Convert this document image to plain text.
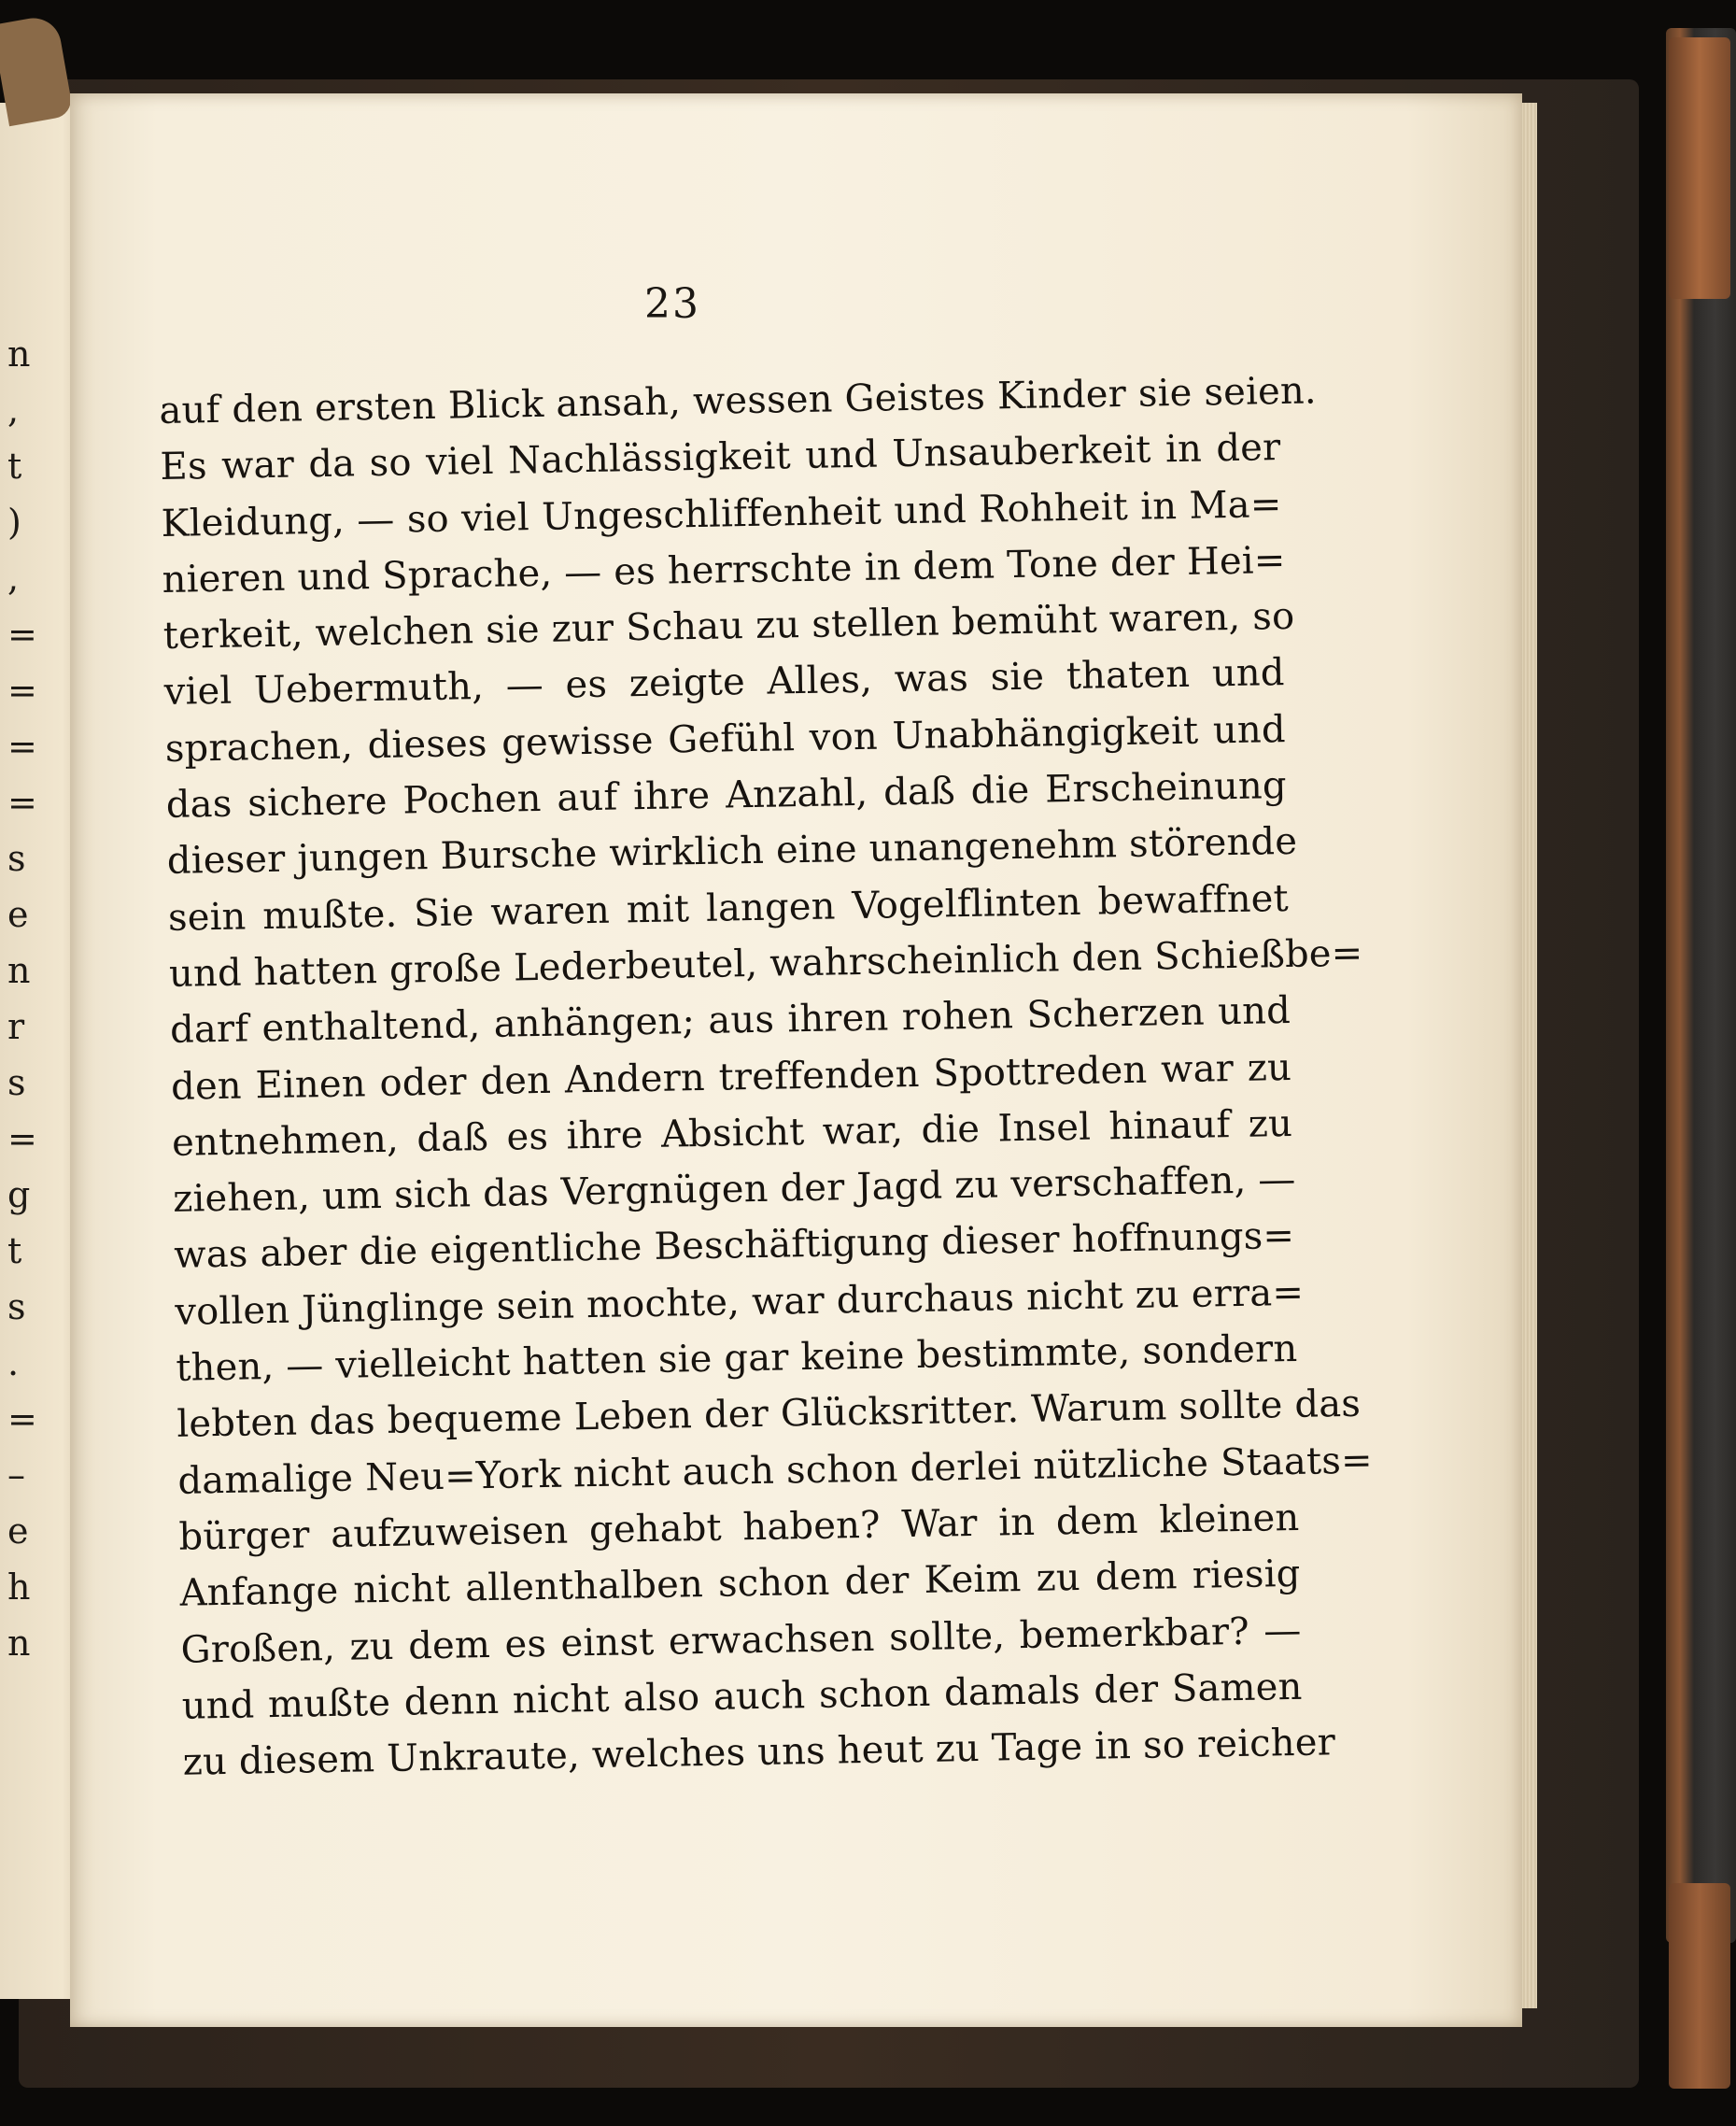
n
,
t
)
,
=
=
=
=
s
e
n
r
s
=
g
t
s
.
=
–
e
h
n
23
auf den ersten Blick ansah, wessen Geistes Kinder sie seien.
Es war da so viel Nachlässigkeit und Unsauberkeit in der
Kleidung, — so viel Ungeschliffenheit und Rohheit in Ma=
nieren und Sprache, — es herrschte in dem Tone der Hei=
terkeit, welchen sie zur Schau zu stellen bemüht waren, so
viel Uebermuth, — es zeigte Alles, was sie thaten und
sprachen, dieses gewisse Gefühl von Unabhängigkeit und
das sichere Pochen auf ihre Anzahl, daß die Erscheinung
dieser jungen Bursche wirklich eine unangenehm störende
sein mußte. Sie waren mit langen Vogelflinten bewaffnet
und hatten große Lederbeutel, wahrscheinlich den Schießbe=
darf enthaltend, anhängen; aus ihren rohen Scherzen und
den Einen oder den Andern treffenden Spottreden war zu
entnehmen, daß es ihre Absicht war, die Insel hinauf zu
ziehen, um sich das Vergnügen der Jagd zu verschaffen, —
was aber die eigentliche Beschäftigung dieser hoffnungs=
vollen Jünglinge sein mochte, war durchaus nicht zu erra=
then, — vielleicht hatten sie gar keine bestimmte, sondern
lebten das bequeme Leben der Glücksritter. Warum sollte das
damalige Neu=York nicht auch schon derlei nützliche Staats=
bürger aufzuweisen gehabt haben? War in dem kleinen
Anfange nicht allenthalben schon der Keim zu dem riesig
Großen, zu dem es einst erwachsen sollte, bemerkbar? —
und mußte denn nicht also auch schon damals der Samen
zu diesem Unkraute, welches uns heut zu Tage in so reicher
